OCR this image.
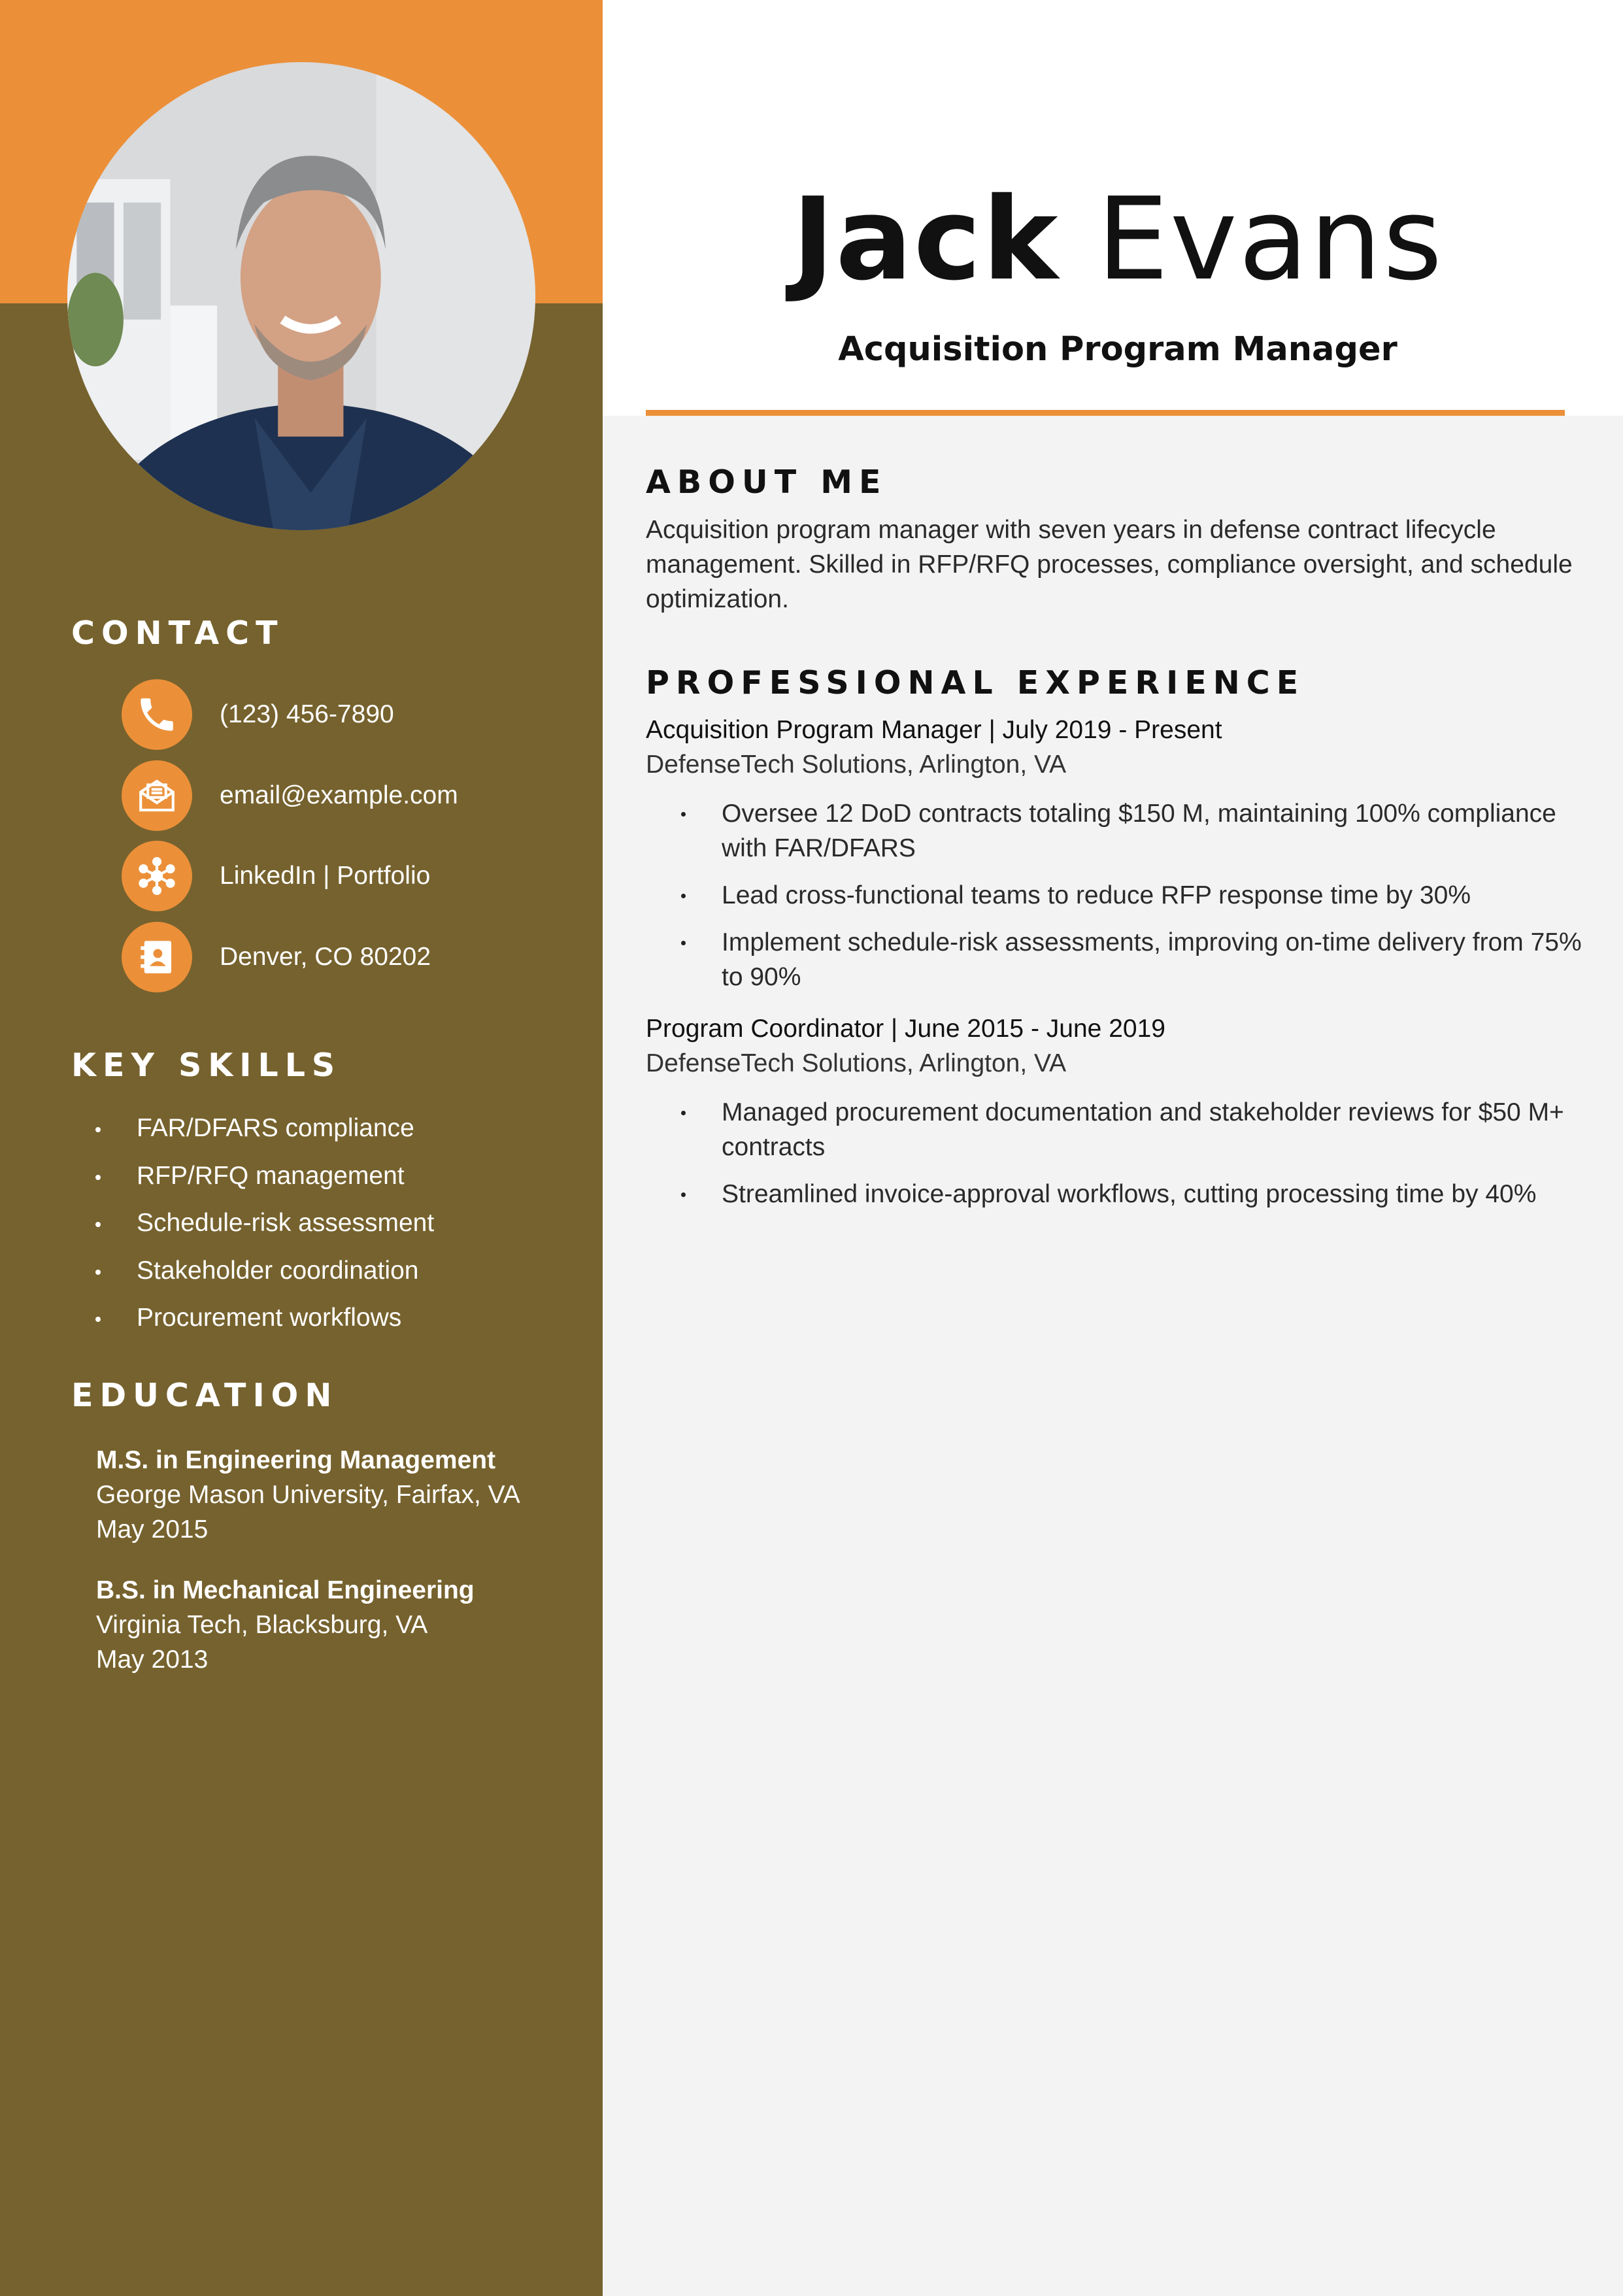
CONTACT
(123) 456-7890
email@example.com
LinkedIn | Portfolio
Denver, CO 80202
KEY SKILLS
FAR/DFARS compliance
RFP/RFQ management
Schedule-risk assessment
Stakeholder coordination
Procurement workflows
EDUCATION
M.S. in Engineering Management
George Mason University, Fairfax, VA
May 2015
B.S. in Mechanical Engineering
Virginia Tech, Blacksburg, VA
May 2013
Jack Evans
Acquisition Program Manager
ABOUT ME
Acquisition program manager with seven years in defense contract lifecycle management. Skilled in RFP/RFQ processes, compliance oversight, and schedule optimization.
PROFESSIONAL EXPERIENCE
Acquisition Program Manager | July 2019 - Present
DefenseTech Solutions, Arlington, VA
Oversee 12 DoD contracts totaling $150 M, maintaining 100% compliance with FAR/DFARS
Lead cross-functional teams to reduce RFP response time by 30%
Implement schedule-risk assessments, improving on-time delivery from 75% to 90%
Program Coordinator | June 2015 - June 2019
DefenseTech Solutions, Arlington, VA
Managed procurement documentation and stakeholder reviews for $50 M+ contracts
Streamlined invoice-approval workflows, cutting processing time by 40%
